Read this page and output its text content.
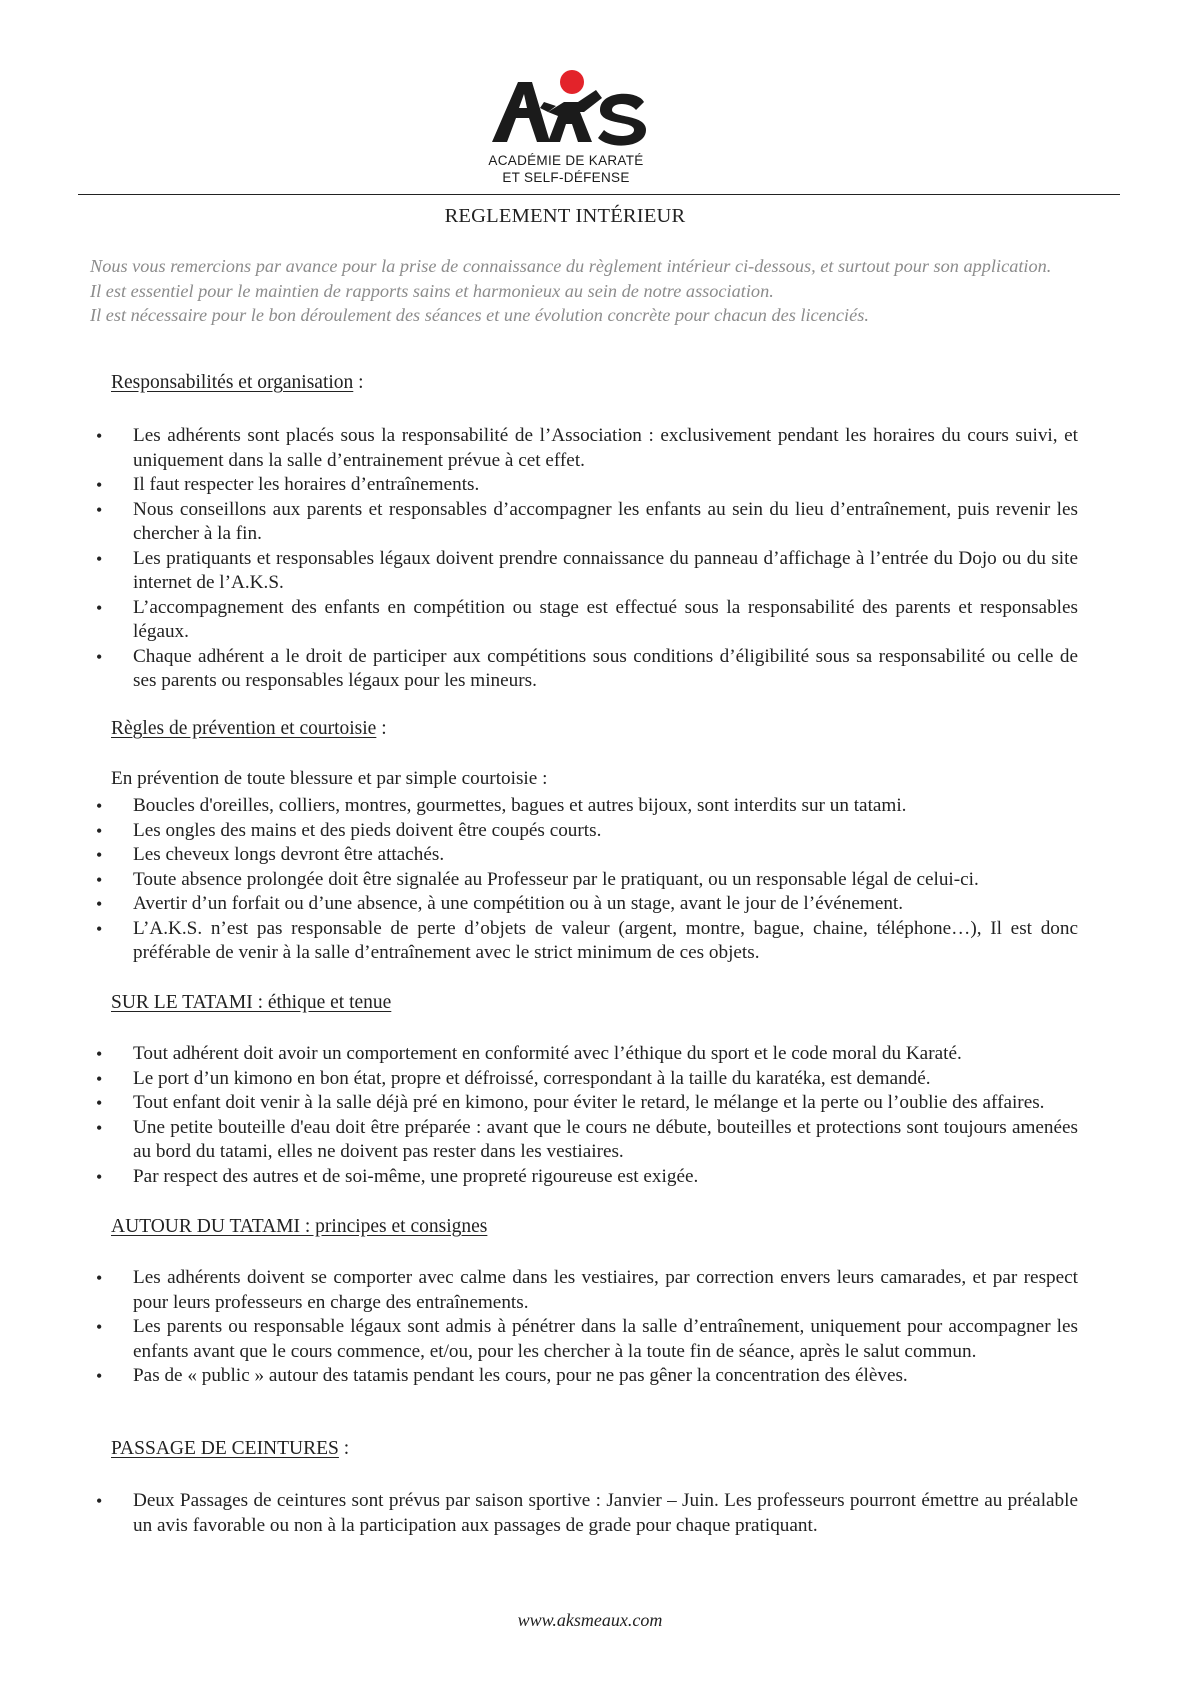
ACADÉMIE DE KARATÉ
ET SELF-DÉFENSE
REGLEMENT INTÉRIEUR
Nous vous remercions par avance pour la prise de connaissance du règlement intérieur ci-dessous, et surtout pour son application.
Il est essentiel pour le maintien de rapports sains et harmonieux au sein de notre association.
Il est nécessaire pour le bon déroulement des séances et une évolution concrète pour chacun des licenciés.
Responsabilités et organisation :
• Les adhérents sont placés sous la responsabilité de l’Association : exclusivement pendant les horaires du cours suivi, et uniquement dans la salle d’entrainement prévue à cet effet.
• Il faut respecter les horaires d’entraînements.
• Nous conseillons aux parents et responsables d’accompagner les enfants au sein du lieu d’entraînement, puis revenir les chercher à la fin.
• Les pratiquants et responsables légaux doivent prendre connaissance du panneau d’affichage à l’entrée du Dojo ou du site internet de l’A.K.S.
• L’accompagnement des enfants en compétition ou stage est effectué sous la responsabilité des parents et responsables légaux.
• Chaque adhérent a le droit de participer aux compétitions sous conditions d’éligibilité sous sa responsabilité ou celle de ses parents ou responsables légaux pour les mineurs.
Règles de prévention et courtoisie :
En prévention de toute blessure et par simple courtoisie :
• Boucles d'oreilles, colliers, montres, gourmettes, bagues et autres bijoux, sont interdits sur un tatami.
• Les ongles des mains et des pieds doivent être coupés courts.
• Les cheveux longs devront être attachés.
• Toute absence prolongée doit être signalée au Professeur par le pratiquant, ou un responsable légal de celui-ci.
• Avertir d’un forfait ou d’une absence, à une compétition ou à un stage, avant le jour de l’événement.
• L’A.K.S. n’est pas responsable de perte d’objets de valeur (argent, montre, bague, chaine, téléphone…), Il est donc préférable de venir à la salle d’entraînement avec le strict minimum de ces objets.
SUR LE TATAMI : éthique et tenue
• Tout adhérent doit avoir un comportement en conformité avec l’éthique du sport et le code moral du Karaté.
• Le port d’un kimono en bon état, propre et défroissé, correspondant à la taille du karatéka, est demandé.
• Tout enfant doit venir à la salle déjà pré en kimono, pour éviter le retard, le mélange et la perte ou l’oublie des affaires.
• Une petite bouteille d'eau doit être préparée : avant que le cours ne débute, bouteilles et protections sont toujours amenées au bord du tatami, elles ne doivent pas rester dans les vestiaires.
• Par respect des autres et de soi-même, une propreté rigoureuse est exigée.
AUTOUR DU TATAMI : principes et consignes
• Les adhérents doivent se comporter avec calme dans les vestiaires, par correction envers leurs camarades, et par respect pour leurs professeurs en charge des entraînements.
• Les parents ou responsable légaux sont admis à pénétrer dans la salle d’entraînement, uniquement pour accompagner les enfants avant que le cours commence, et/ou, pour les chercher à la toute fin de séance, après le salut commun.
• Pas de « public » autour des tatamis pendant les cours, pour ne pas gêner la concentration des élèves.
PASSAGE DE CEINTURES :
• Deux Passages de ceintures sont prévus par saison sportive : Janvier – Juin. Les professeurs pourront émettre au préalable un avis favorable ou non à la participation aux passages de grade pour chaque pratiquant.
www.aksmeaux.com
